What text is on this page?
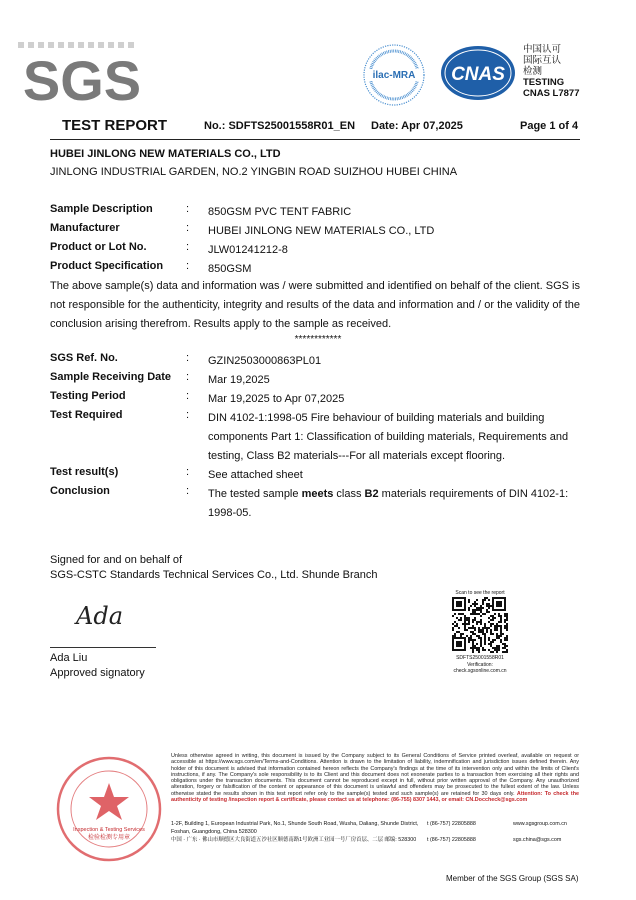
SGS	ilac-MRA CNAS
中国认可
国际互认
检测
TESTING
CNAS L7877
TEST REPORT	No.: SDFTS25001558R01_EN Date: Apr 07,2025	Page 1 of 4
HUBEI JINLONG NEW MATERIALS CO., LTD
JINLONG INDUSTRIAL GARDEN, NO.2 YINGBIN ROAD SUIZHOU HUBEI CHINA
Sample Description	: 850GSM PVC TENT FABRIC
Manufacturer	: HUBEI JINLONG NEW MATERIALS CO., LTD
Product or Lot No.	: JLW01241212-8
Product Specification : 850GSM
The above sample(s) data and information was / were submitted and identified on behalf of the client. SGS is not responsible for the authenticity, integrity and results of the data and information and / or the validity of the conclusion arising therefrom. Results apply to the sample as received.
************
SGS Ref. No.	: GZIN2503000863PL01
Sample Receiving Date : Mar 19,2025
Testing Period	: Mar 19,2025 to Apr 07,2025
Test Required	: DIN 4102-1:1998-05 Fire behaviour of building materials and building components Part 1: Classification of building materials, Requirements and testing, Class B2 materials---For all materials except flooring.
Test result(s)	: See attached sheet
Conclusion	: The tested sample meets class B2 materials requirements of DIN 4102-1: 1998-05.
Signed for and on behalf of
SGS-CSTC Standards Technical Services Co., Ltd. Shunde Branch
Ada
Ada Liu
Approved signatory
Scan to see the report
SDFTS25001558R01
Verification:
check.sgsonline.com.cn
Inspection & Testing Services
检验检测专用章
Unless otherwise agreed in writing, this document is issued by the Company subject to its General Conditions of Service printed overleaf, available on request or accessible at https://www.sgs.com/en/Terms-and-Conditions. Attention is drawn to the limitation of liability, indemnification and jurisdiction issues defined therein. Any holder of this document is advised that information contained hereon reflects the Company's findings at the time of its intervention only and within the limits of Client's instructions, if any. The Company's sole responsibility is to its Client and this document does not exonerate parties to a transaction from exercising all their rights and obligations under the transaction documents. This document cannot be reproduced except in full, without prior written approval of the Company. Any unauthorized alteration, forgery or falsification of the content or appearance of this document is unlawful and offenders may be prosecuted to the fullest extent of the law. Unless otherwise stated the results shown in this test report refer only to the sample(s) tested and such sample(s) are retained for 30 days only. Attention: To check the authenticity of testing /inspection report & certificate, please contact us at telephone: (86-755) 8307 1443, or email: CN.Doccheck@sgs.com
1-2F, Building 1, European Industrial Park, No.1, Shunde South Road, Wusha, Daliang, Shunde District, Foshan, Guangdong, China 528300
t (86-757) 22805888	www.sgsgroup.com.cn
中国 · 广东 · 佛山市顺德区大良街道五沙社区顺德南路1号欧洲工业园一号厂房首层、二层 邮编: 528300	t (86-757) 22805888	sgs.china@sgs.com
Member of the SGS Group (SGS SA)
